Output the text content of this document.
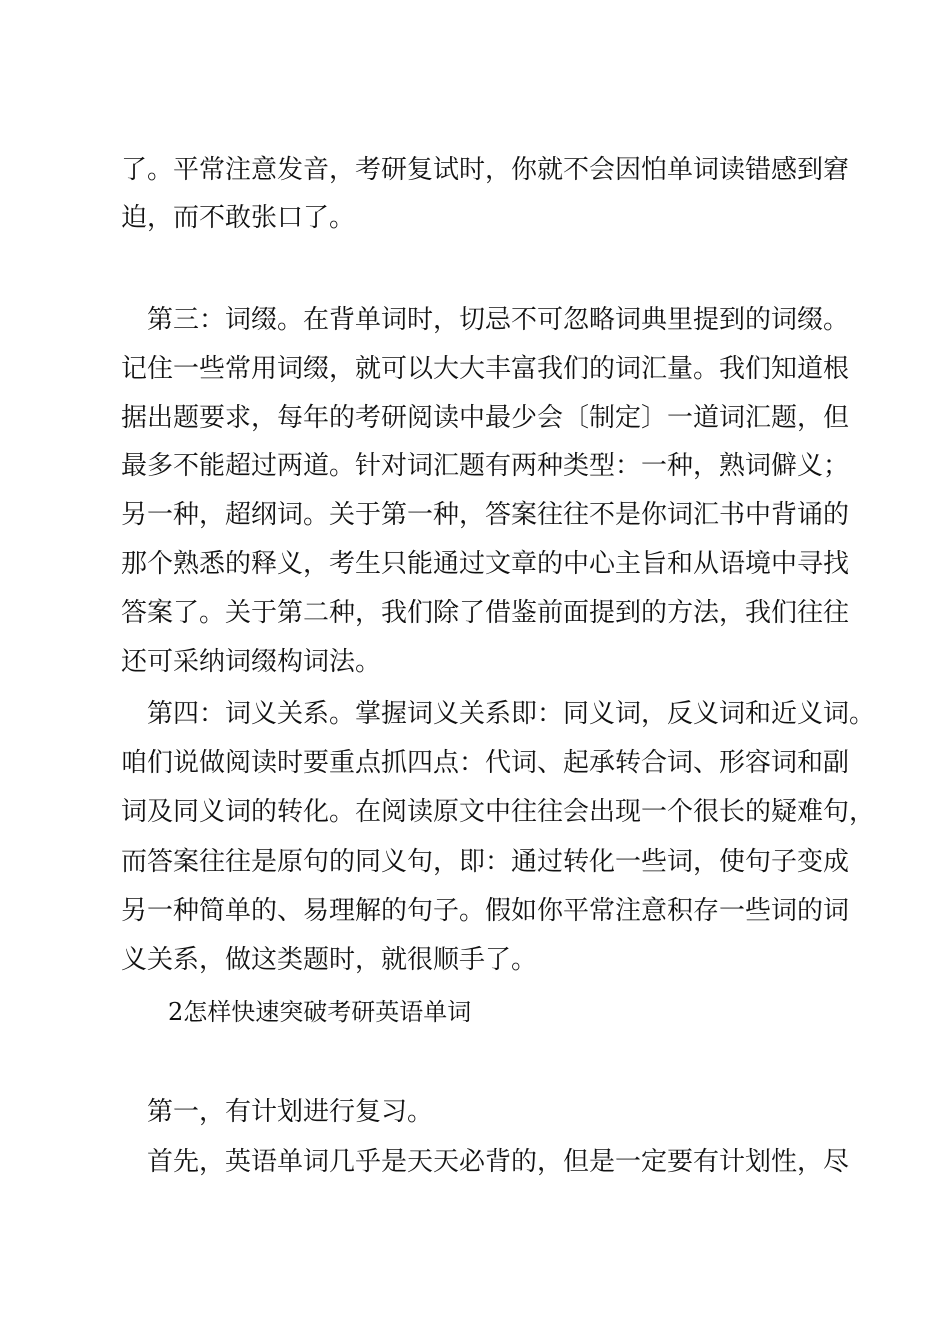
了。平常注意发音，考研复试时，你就不会因怕单词读错感到窘
迫，而不敢张口了。
第三：词缀。在背单词时，切忌不可忽略词典里提到的词缀。
记住一些常用词缀，就可以大大丰富我们的词汇量。我们知道根
据出题要求，每年的考研阅读中最少会〔制定〕一道词汇题，但
最多不能超过两道。针对词汇题有两种类型：一种，熟词僻义；
另一种，超纲词。关于第一种，答案往往不是你词汇书中背诵的
那个熟悉的释义，考生只能通过文章的中心主旨和从语境中寻找
答案了。关于第二种，我们除了借鉴前面提到的方法，我们往往
还可采纳词缀构词法。
第四：词义关系。掌握词义关系即：同义词，反义词和近义词。
咱们说做阅读时要重点抓四点：代词、起承转合词、形容词和副
词及同义词的转化。在阅读原文中往往会出现一个很长的疑难句，
而答案往往是原句的同义句，即：通过转化一些词，使句子变成
另一种简单的、易理解的句子。假如你平常注意积存一些词的词
义关系，做这类题时，就很顺手了。
2怎样快速突破考研英语单词
第一，有计划进行复习。
首先，英语单词几乎是天天必背的，但是一定要有计划性，尽
